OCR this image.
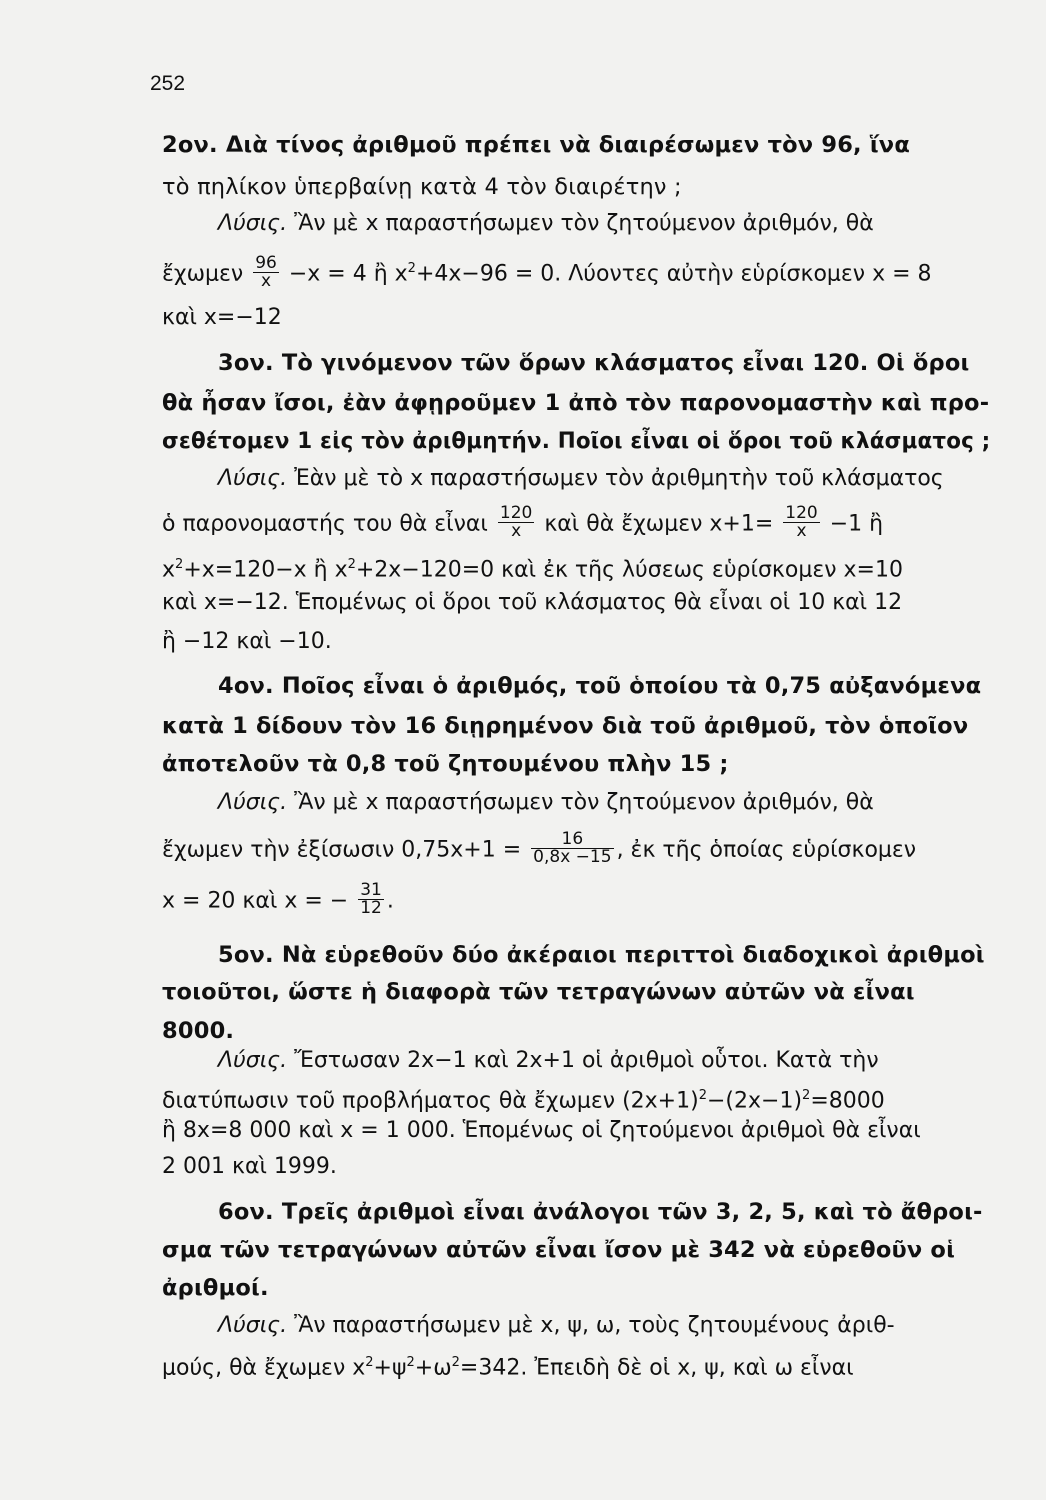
252
2ον. Διὰ τίνος ἀριθμοῦ πρέπει νὰ διαιρέσωμεν τὸν 96, ἵνα
τὸ πηλίκον ὑπερβαίνῃ κατὰ 4 τὸν διαιρέτην ;
Λύσις. Ἂν μὲ x παραστήσωμεν τὸν ζητούμενον ἀριθμόν, θὰ
ἔχωμεν $\frac{96}{x} -x = 4$ ἢ $x^2+4x-96 = 0$. Λύοντες αὐτὴν εὑρίσκομεν x = 8
καὶ x=−12
3ον. Τὸ γινόμενον τῶν ὅρων κλάσματος εἶναι 120. Οἱ ὅροι
θὰ ἦσαν ἴσοι, ἐὰν ἀφῃροῦμεν 1 ἀπὸ τὸν παρονομαστὴν καὶ προ-
σεθέτομεν 1 εἰς τὸν ἀριθμητήν. Ποῖοι εἶναι οἱ ὅροι τοῦ κλάσματος ;
Λύσις. Ἐὰν μὲ τὸ x παραστήσωμεν τὸν ἀριθμητὴν τοῦ κλάσματος
ὁ παρονομαστής του θὰ εἶναι $\frac{120}{x}$ καὶ θὰ ἔχωμεν $x+1= \frac{120}{x} -1$ ἢ
$x^2+x=120-x$ ἢ $x^2+2x-120=0$ καὶ ἐκ τῆς λύσεως εὑρίσκομεν x=10
καὶ x=−12. Ἑπομένως οἱ ὅροι τοῦ κλάσματος θὰ εἶναι οἱ 10 καὶ 12
ἢ −12 καὶ −10.
4ον. Ποῖος εἶναι ὁ ἀριθμός, τοῦ ὁποίου τὰ 0,75 αὐξανόμενα
κατὰ 1 δίδουν τὸν 16 διῃρημένον διὰ τοῦ ἀριθμοῦ, τὸν ὁποῖον
ἀποτελοῦν τὰ 0,8 τοῦ ζητουμένου πλὴν 15 ;
Λύσις. Ἂν μὲ x παραστήσωμεν τὸν ζητούμενον ἀριθμόν, θὰ
ἔχωμεν τὴν ἐξίσωσιν $0,75x+1 = \frac{16}{0,8x -15}$ , ἐκ τῆς ὁποίας εὑρίσκομεν
x = 20 καὶ x = − $\frac{31}{12}$ .
5ον. Νὰ εὑρεθοῦν δύο ἀκέραιοι περιττοὶ διαδοχικοὶ ἀριθμοὶ
τοιοῦτοι, ὥστε ἡ διαφορὰ τῶν τετραγώνων αὐτῶν νὰ εἶναι
8000.
Λύσις. Ἔστωσαν 2x−1 καὶ 2x+1 οἱ ἀριθμοὶ οὗτοι. Κατὰ τὴν
διατύπωσιν τοῦ προβλήματος θὰ ἔχωμεν $(2x+1)^2-(2x-1)^2=8000$
ἢ 8x=8 000 καὶ x = 1 000. Ἑπομένως οἱ ζητούμενοι ἀριθμοὶ θὰ εἶναι
2 001 καὶ 1999.
6ον. Τρεῖς ἀριθμοὶ εἶναι ἀνάλογοι τῶν 3, 2, 5, καὶ τὸ ἄθροι-
σμα τῶν τετραγώνων αὐτῶν εἶναι ἴσον μὲ 342 νὰ εὑρεθοῦν οἱ
ἀριθμοί.
Λύσις. Ἂν παραστήσωμεν μὲ x, ψ, ω, τοὺς ζητουμένους ἀριθ-
μούς, θὰ ἔχωμεν $x^2+\psi^2+\omega^2=342$. Ἐπειδὴ δὲ οἱ x, ψ, καὶ ω εἶναι
